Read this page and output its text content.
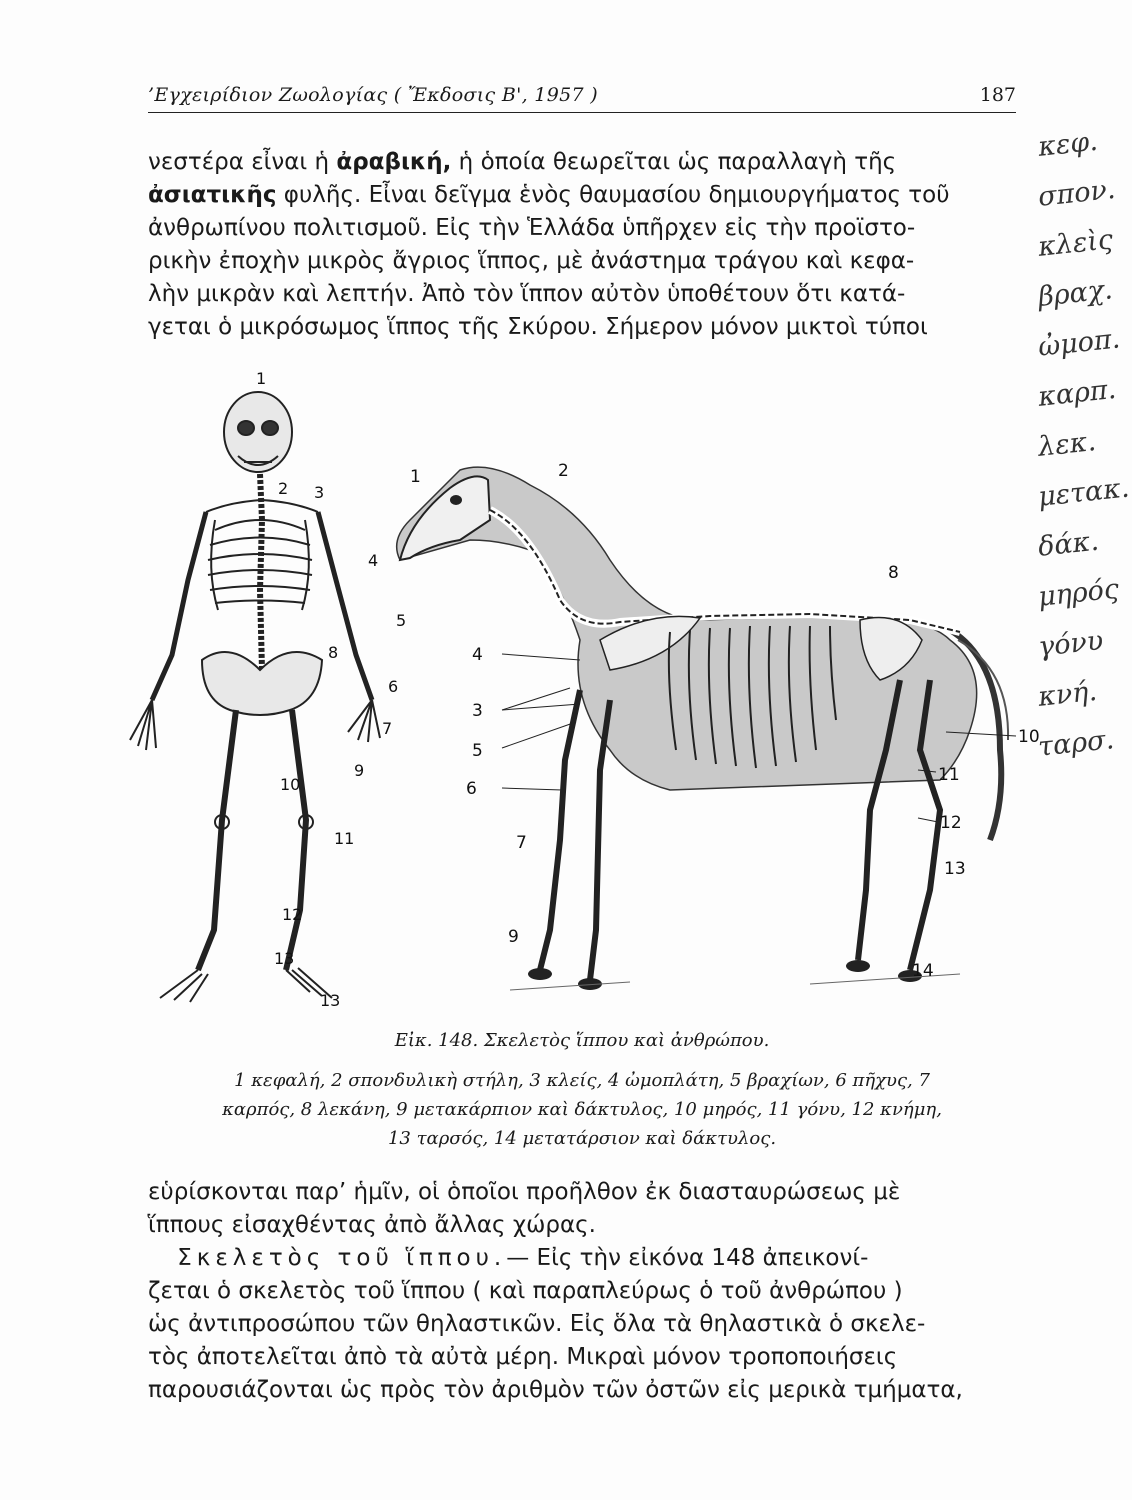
’Εγχειρίδιον Ζωολογίας ( Ἔκδοσις Β', 1957 )	187
νεστέρα εἶναι ἡ ἀραβική, ἡ ὁποία θεωρεῖται ὡς παραλλαγὴ τῆς
ἀσιατικῆς φυλῆς. Εἶναι δεῖγμα ἑνὸς θαυμασίου δημιουργήματος τοῦ
ἀνθρωπίνου πολιτισμοῦ. Εἰς τὴν Ἑλλάδα ὑπῆρχεν εἰς τὴν προϊστο-
ρικὴν ἐποχὴν μικρὸς ἄγριος ἵππος, μὲ ἀνάστημα τράγου καὶ κεφα-
λὴν μικρὰν καὶ λεπτήν. Ἀπὸ τὸν ἵππον αὐτὸν ὑποθέτουν ὅτι κατά-
γεται ὁ μικρόσωμος ἵππος τῆς Σκύρου. Σήμερον μόνον μικτοὶ τύποι
κεφ.
σπον.
κλεὶς
βραχ.
ὠμοπ.
καρπ.
λεκ.
μετακ.
δάκ.
μηρός
γόνυ
κνή.
ταρσ.
1
2 3
4
5
6
7
8
9
10
11
12
13
13
1	2
3
4
5
6
7
8
9
10
11
12
13
14
Εἰκ. 148. Σκελετὸς ἵππου καὶ ἀνθρώπου.
1 κεφαλή, 2 σπονδυλικὴ στήλη, 3 κλείς, 4 ὠμοπλάτη, 5 βραχίων, 6 πῆχυς, 7
καρπός, 8 λεκάνη, 9 μετακάρπιον καὶ δάκτυλος, 10 μηρός, 11 γόνυ, 12 κνήμη,
13 ταρσός, 14 μετατάρσιον καὶ δάκτυλος.
εὑρίσκονται παρ’ ἡμῖν, οἱ ὁποῖοι προῆλθον ἐκ διασταυρώσεως μὲ
ἵππους εἰσαχθέντας ἀπὸ ἄλλας χώρας.
Σκελετὸς τοῦ ἵππου.— Εἰς τὴν εἰκόνα 148 ἀπεικονί-
ζεται ὁ σκελετὸς τοῦ ἵππου ( καὶ παραπλεύρως ὁ τοῦ ἀνθρώπου )
ὡς ἀντιπροσώπου τῶν θηλαστικῶν. Εἰς ὅλα τὰ θηλαστικὰ ὁ σκελε-
τὸς ἀποτελεῖται ἀπὸ τὰ αὐτὰ μέρη. Μικραὶ μόνον τροποποιήσεις
παρουσιάζονται ὡς πρὸς τὸν ἀριθμὸν τῶν ὀστῶν εἰς μερικὰ τμήματα,
